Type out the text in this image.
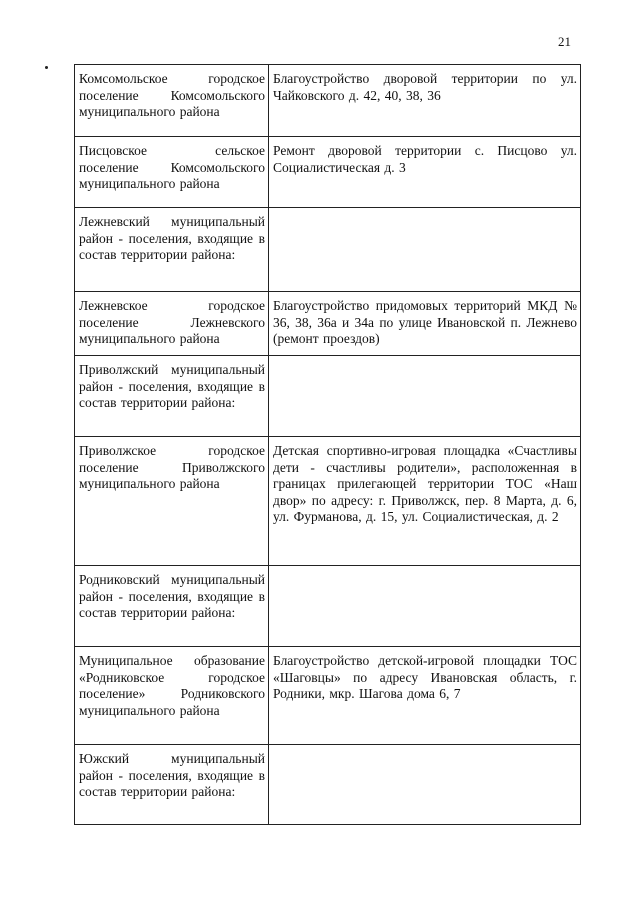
21
Комсомольское городское поселение Комсомольского муниципального района	Благоустройство дворовой территории по ул. Чайковского д. 42, 40, 38, 36
Писцовское сельское поселение Комсомольского муниципального района	Ремонт дворовой территории с. Писцово ул. Социалистическая д. 3
Лежневский муниципальный район - поселения, входящие в состав территории района:	
Лежневское городское поселение Лежневского муниципального района	Благоустройство придомовых территорий МКД № 36, 38, 36а и 34а по улице Ивановской п. Лежнево (ремонт проездов)
Приволжский муниципальный район - поселения, входящие в состав территории района:	
Приволжское городское поселение Приволжского муниципального района	Детская спортивно-игровая площадка «Счастливы дети - счастливы родители», расположенная в границах прилегающей территории ТОС «Наш двор» по адресу: г. Приволжск, пер. 8 Марта, д. 6, ул. Фурманова, д. 15, ул. Социалистическая, д. 2
Родниковский муниципальный район - поселения, входящие в состав территории района:	
Муниципальное образование «Родниковское городское поселение» Родниковского муниципального района	Благоустройство детской-игровой площадки ТОС «Шаговцы» по адресу Ивановская область, г. Родники, мкр. Шагова дома 6, 7
Южский муниципальный район - поселения, входящие в состав территории района:	
